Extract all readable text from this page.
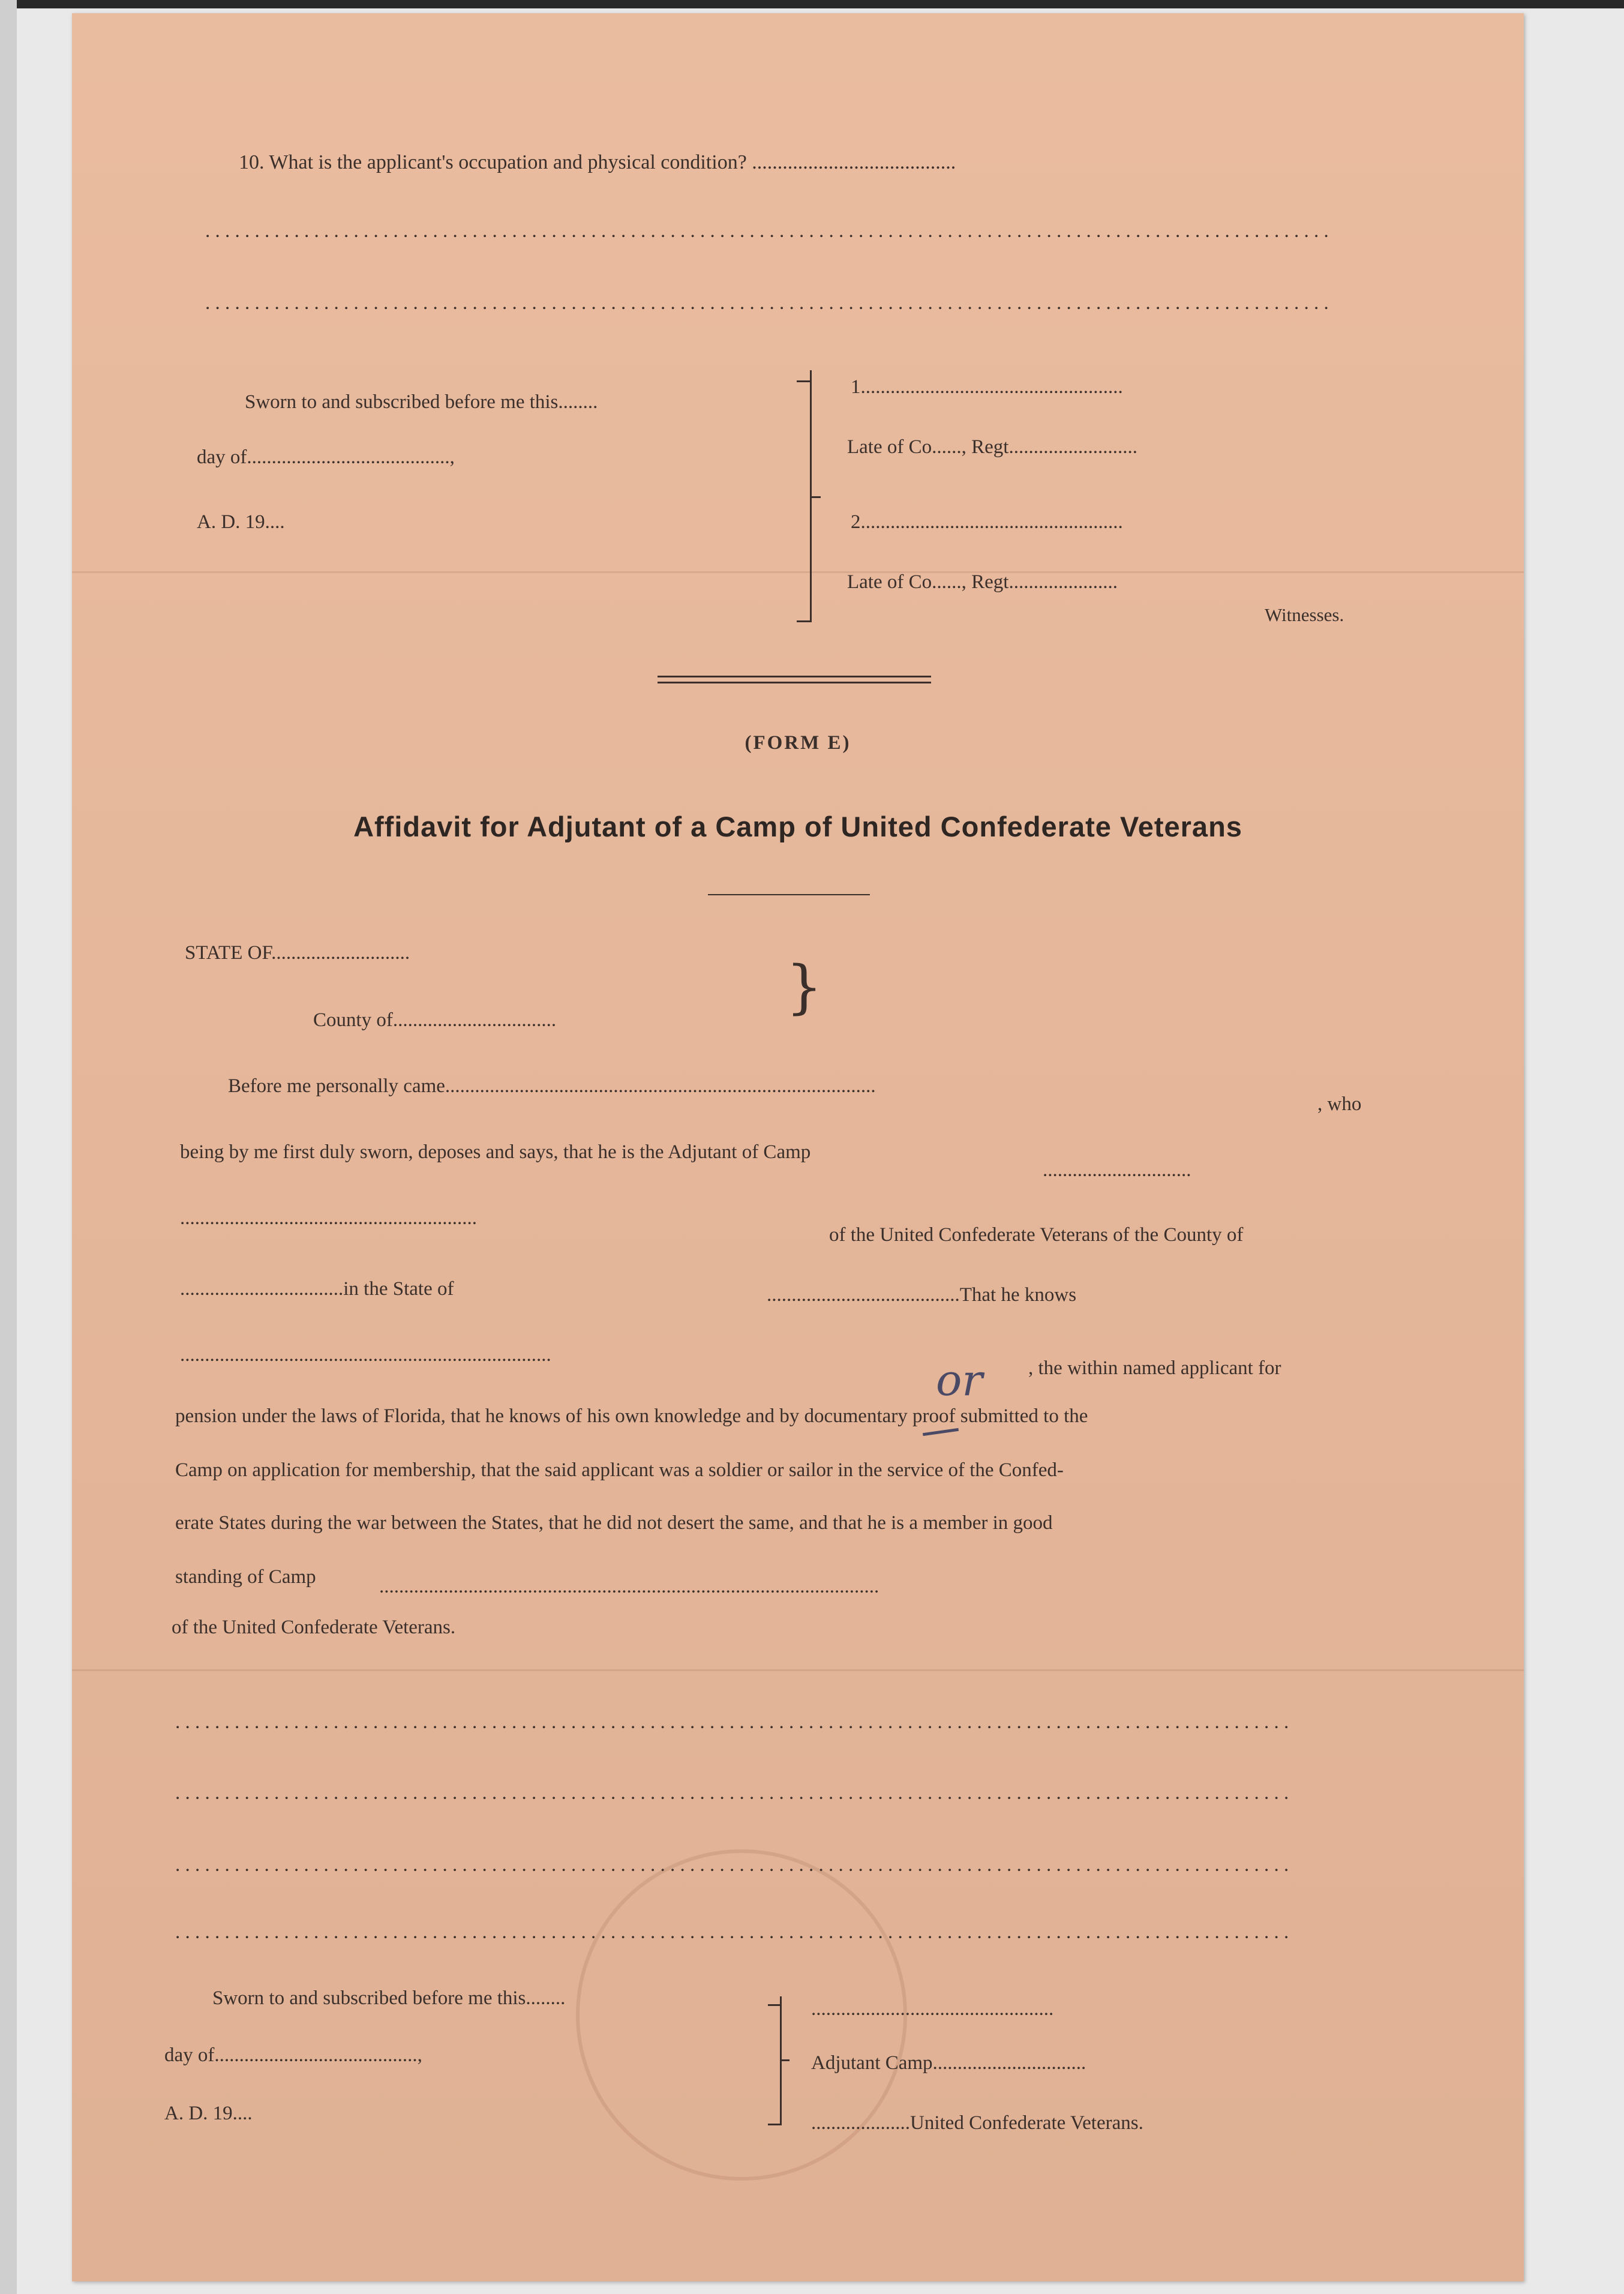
10. What is the applicant's occupation and physical condition? ........................................
. . . . . . . . . . . . . . . . . . . . . . . . . . . . . . . . . . . . . . . . . . . . . . . . . . . . . . . . . . . . . . . . . . . . . . . . . . . . . . . . . . . . . . . . . . . . . . . . . . . . . . . . . . . . . . . . . .
. . . . . . . . . . . . . . . . . . . . . . . . . . . . . . . . . . . . . . . . . . . . . . . . . . . . . . . . . . . . . . . . . . . . . . . . . . . . . . . . . . . . . . . . . . . . . . . . . . . . . . . . . . . . . . . . . .
Sworn to and subscribed before me this........
day of.........................................,
A. D. 19....
1.....................................................
Late of Co......, Regt..........................
2.....................................................
Late of Co......, Regt......................
Witnesses.
(FORM E)
Affidavit for Adjutant of a Camp of United Confederate Veterans
STATE OF............................
County of.................................	}
Before me personally came.......................................................................................
, who
being by me first duly sworn, deposes and says, that he is the Adjutant of Camp
..............................
............................................................
of the United Confederate Veterans of the County of
.................................in the State of	.......................................That he knows
...........................................................................
, the within named applicant for
or
pension under the laws of Florida, that he knows of his own knowledge and by documentary proof submitted to the
Camp on application for membership, that the said applicant was a soldier or sailor in the service of the Confed-
erate States during the war between the States, that he did not desert the same, and that he is a member in good
standing of Camp	.....................................................................................................
of the United Confederate Veterans.
. . . . . . . . . . . . . . . . . . . . . . . . . . . . . . . . . . . . . . . . . . . . . . . . . . . . . . . . . . . . . . . . . . . . . . . . . . . . . . . . . . . . . . . . . . . . . . . . . . . . . . . . . . . . . . . . .
. . . . . . . . . . . . . . . . . . . . . . . . . . . . . . . . . . . . . . . . . . . . . . . . . . . . . . . . . . . . . . . . . . . . . . . . . . . . . . . . . . . . . . . . . . . . . . . . . . . . . . . . . . . . . . . . .
. . . . . . . . . . . . . . . . . . . . . . . . . . . . . . . . . . . . . . . . . . . . . . . . . . . . . . . . . . . . . . . . . . . . . . . . . . . . . . . . . . . . . . . . . . . . . . . . . . . . . . . . . . . . . . . . .
. . . . . . . . . . . . . . . . . . . . . . . . . . . . . . . . . . . . . . . . . . . . . . . . . . . . . . . . . . . . . . . . . . . . . . . . . . . . . . . . . . . . . . . . . . . . . . . . . . . . . . . . . . . . . . . . .
Sworn to and subscribed before me this........
day of.........................................,
A. D. 19....
.................................................
Adjutant Camp...............................
....................United Confederate Veterans.
